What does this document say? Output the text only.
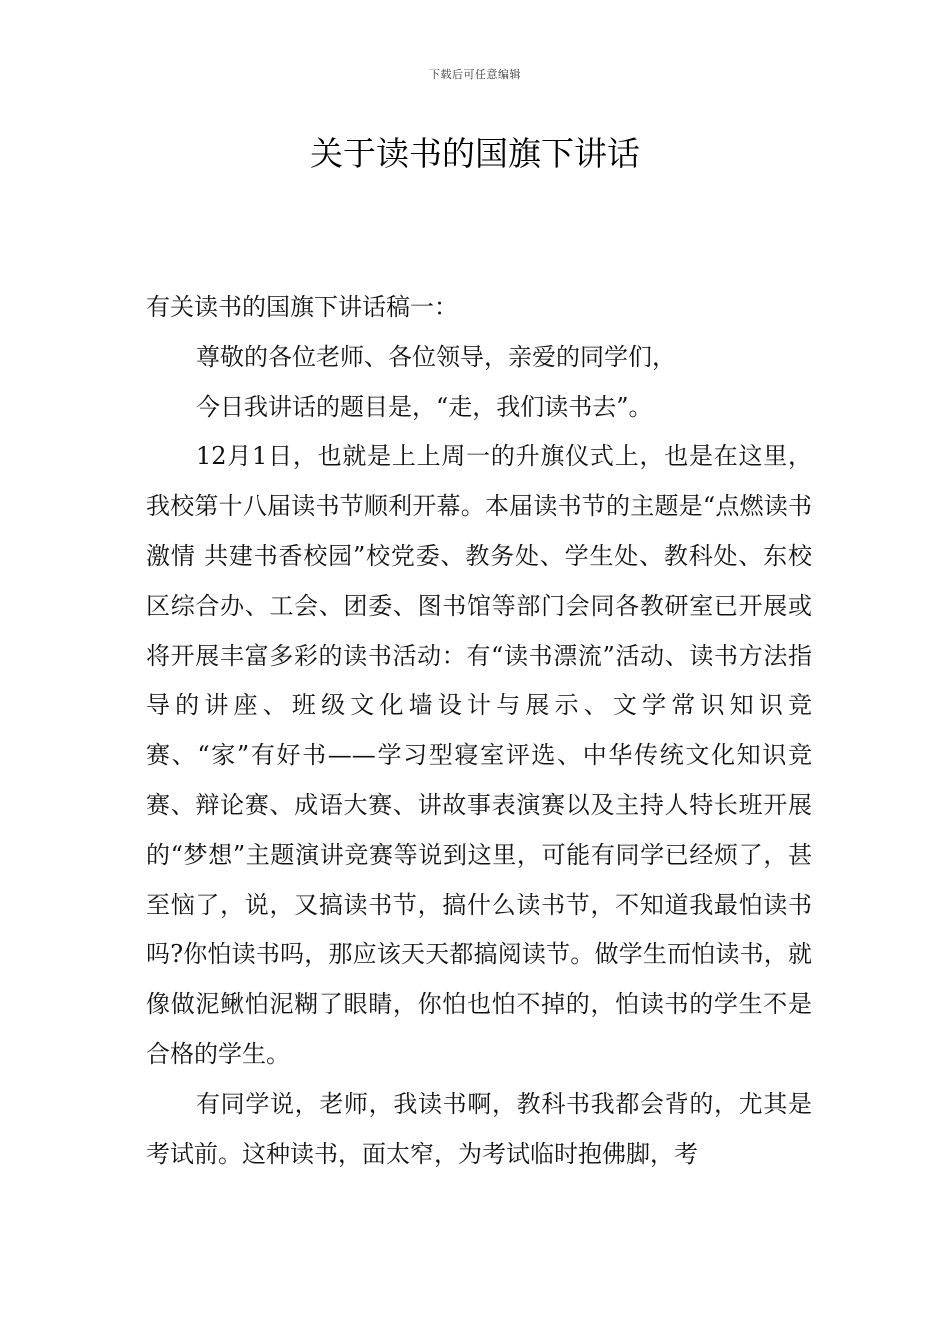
下载后可任意编辑
关于读书的国旗下讲话

有关读书的国旗下讲话稿一：

尊敬的各位老师、各位领导，亲爱的同学们，

今日我讲话的题目是，“走，我们读书去”。

12月1日，也就是上上周一的升旗仪式上，也是在这里，我校第十八届读书节顺利开幕。本届读书节的主题是“点燃读书激情 共建书香校园”校党委、教务处、学生处、教科处、东校区综合办、工会、团委、图书馆等部门会同各教研室已开展或将开展丰富多彩的读书活动：有“读书漂流”活动、读书方法指导的讲座、班级文化墙设计与展示、文学常识知识竞赛、“家”有好书——学习型寝室评选、中华传统文化知识竞赛、辩论赛、成语大赛、讲故事表演赛以及主持人特长班开展的“梦想”主题演讲竞赛等说到这里，可能有同学已经烦了，甚至恼了，说，又搞读书节，搞什么读书节，不知道我最怕读书吗?你怕读书吗，那应该天天都搞阅读节。做学生而怕读书，就像做泥鳅怕泥糊了眼睛，你怕也怕不掉的，怕读书的学生不是合格的学生。

有同学说，老师，我读书啊，教科书我都会背的，尤其是考试前。这种读书，面太窄，为考试临时抱佛脚，考
